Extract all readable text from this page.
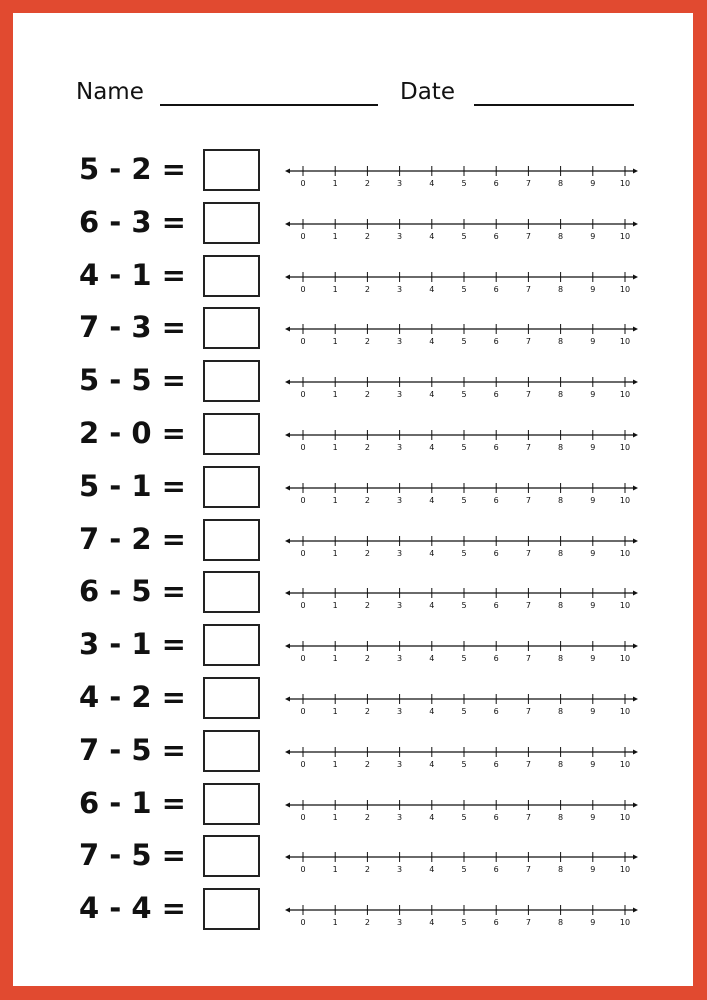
Name	Date
5 - 2 =	0	1	2	3	4	5	6	7	8	9	10
6 - 3 =	0	1	2	3	4	5	6	7	8	9	10
4 - 1 =	0	1	2	3	4	5	6	7	8	9	10
7 - 3 =	0	1	2	3	4	5	6	7	8	9	10
5 - 5 =	0	1	2	3	4	5	6	7	8	9	10
2 - 0 =	0	1	2	3	4	5	6	7	8	9	10
5 - 1 =	0	1	2	3	4	5	6	7	8	9	10
7 - 2 =	0	1	2	3	4	5	6	7	8	9	10
6 - 5 =	0	1	2	3	4	5	6	7	8	9	10
3 - 1 =	0	1	2	3	4	5	6	7	8	9	10
4 - 2 =	0	1	2	3	4	5	6	7	8	9	10
7 - 5 =	0	1	2	3	4	5	6	7	8	9	10
6 - 1 =	0	1	2	3	4	5	6	7	8	9	10
7 - 5 =	0	1	2	3	4	5	6	7	8	9	10
4 - 4 =	0	1	2	3	4	5	6	7	8	9	10
Adobe Stock | #181901 1649
